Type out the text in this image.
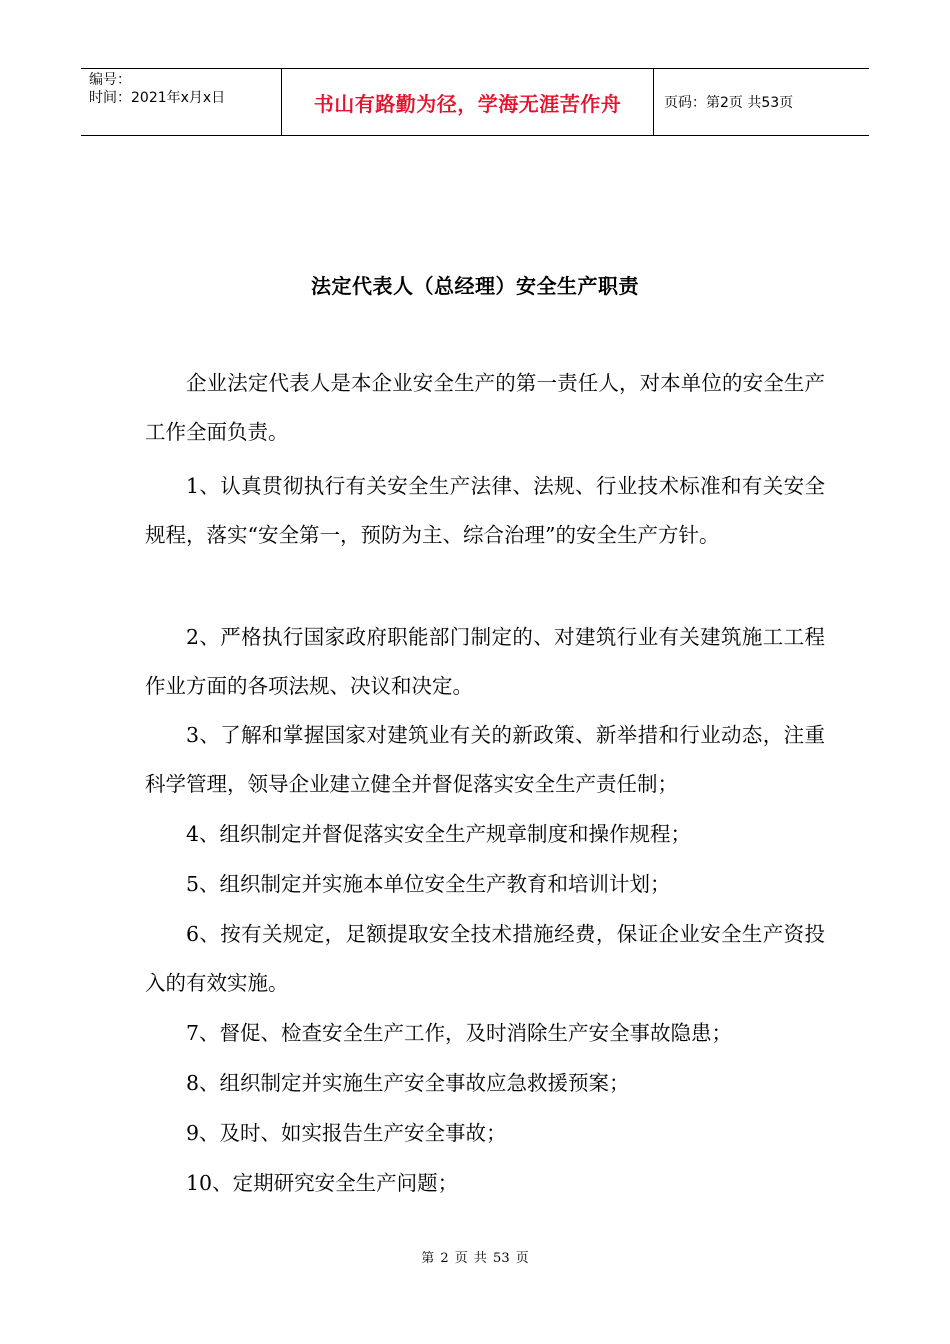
编号：
时间：2021年x月x日	书山有路勤为径，学海无涯苦作舟	页码：第2页 共53页
法定代表人（总经理）安全生产职责
企业法定代表人是本企业安全生产的第一责任人，对本单位的安全生产工作全面负责。
1、认真贯彻执行有关安全生产法律、法规、行业技术标准和有关安全规程，落实“安全第一，预防为主、综合治理”的安全生产方针。
2、严格执行国家政府职能部门制定的、对建筑行业有关建筑施工工程作业方面的各项法规、决议和决定。
3、了解和掌握国家对建筑业有关的新政策、新举措和行业动态，注重科学管理，领导企业建立健全并督促落实安全生产责任制；
4、组织制定并督促落实安全生产规章制度和操作规程；
5、组织制定并实施本单位安全生产教育和培训计划；
6、按有关规定，足额提取安全技术措施经费，保证企业安全生产资投入的有效实施。
7、督促、检查安全生产工作，及时消除生产安全事故隐患；
8、组织制定并实施生产安全事故应急救援预案；
9、及时、如实报告生产安全事故；
10、定期研究安全生产问题；
第 2 页 共 53 页
